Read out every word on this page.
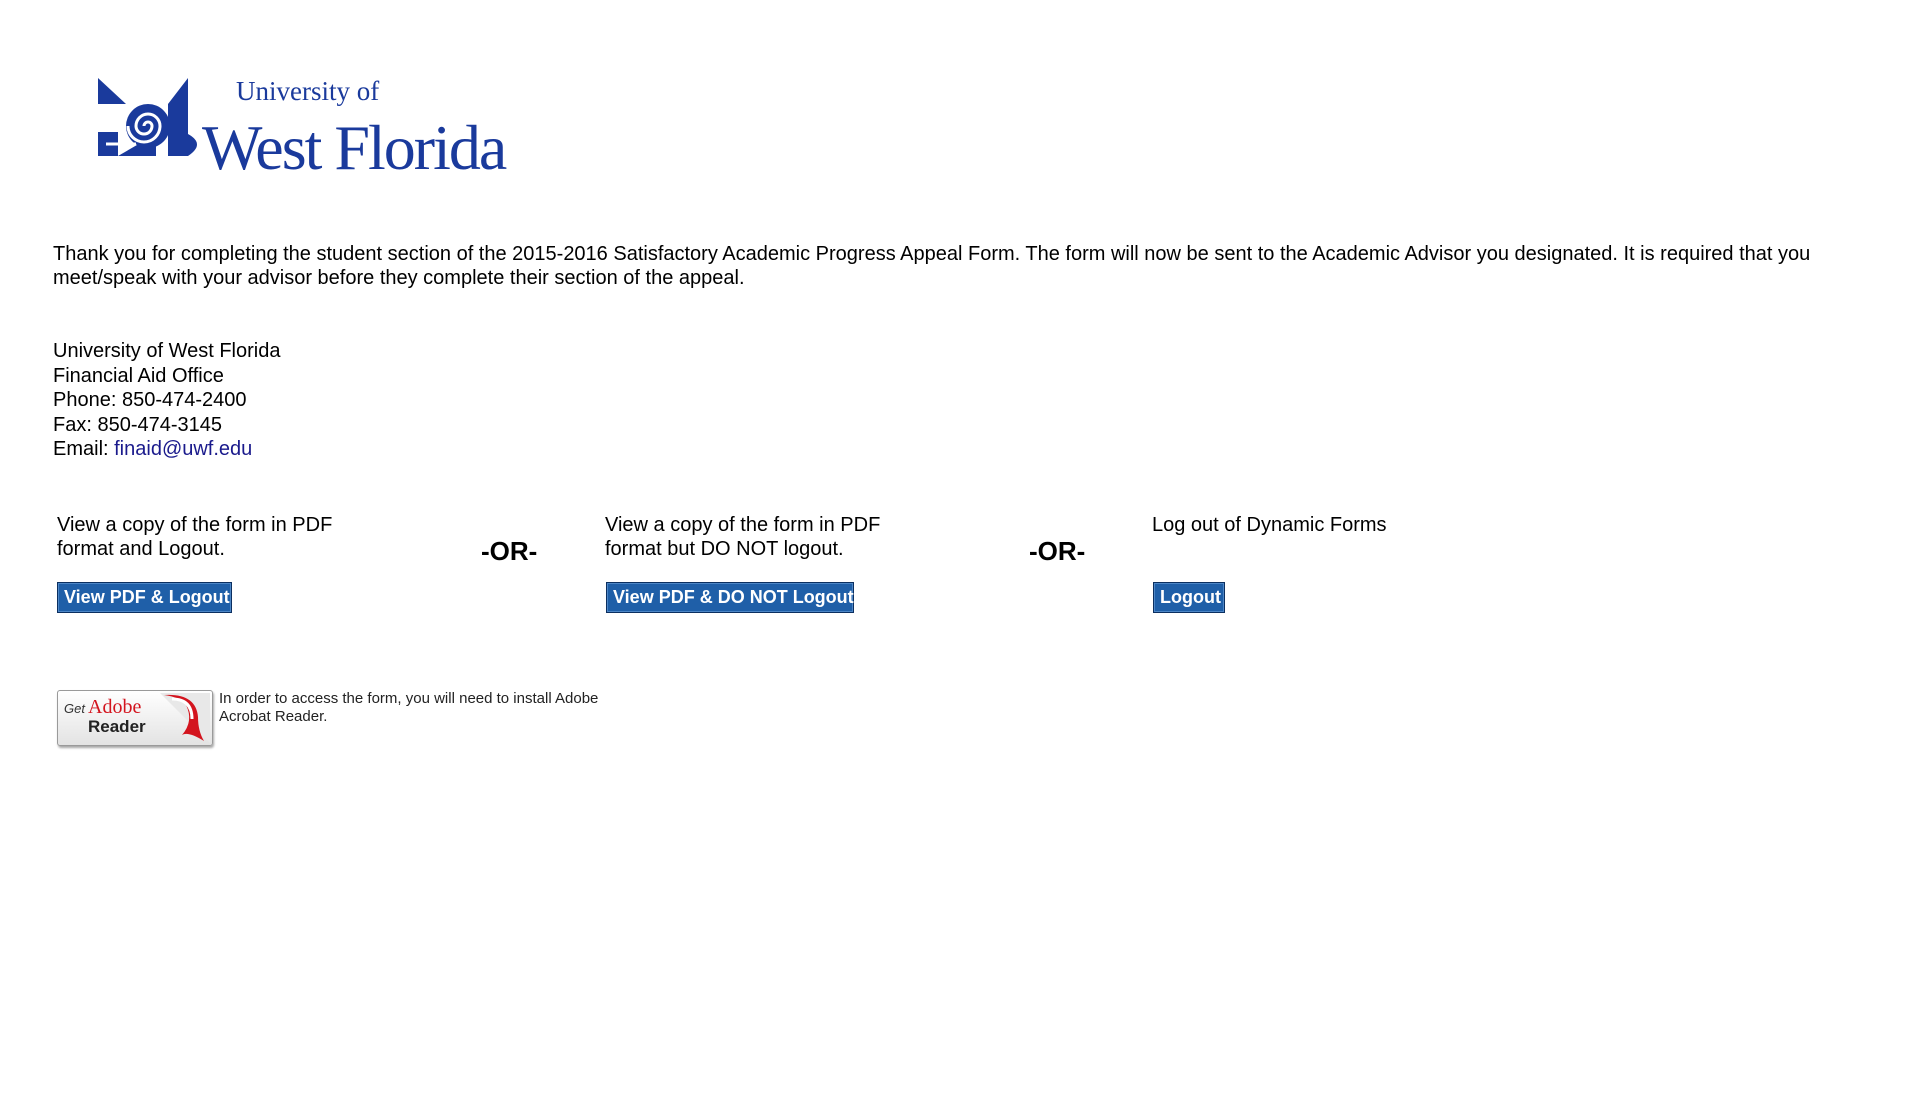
University of
West Florida

Thank you for completing the student section of the 2015-2016 Satisfactory Academic Progress Appeal Form. The form will now be sent to the Academic Advisor you designated. It is required that you meet/speak with your advisor before they complete their section of the appeal.

University of West Florida
Financial Aid Office
Phone: 850-474-2400
Fax: 850-474-3145
Email: finaid@uwf.edu

View a copy of the form in PDF format and Logout.	-OR-

View a copy of the form in PDF format but DO NOT logout.	-OR-

Log out of Dynamic Forms

View PDF & Logout	View PDF & DO NOT Logout	Logout
Get Adobe
Reader

In order to access the form, you will need to install Adobe Acrobat Reader.
